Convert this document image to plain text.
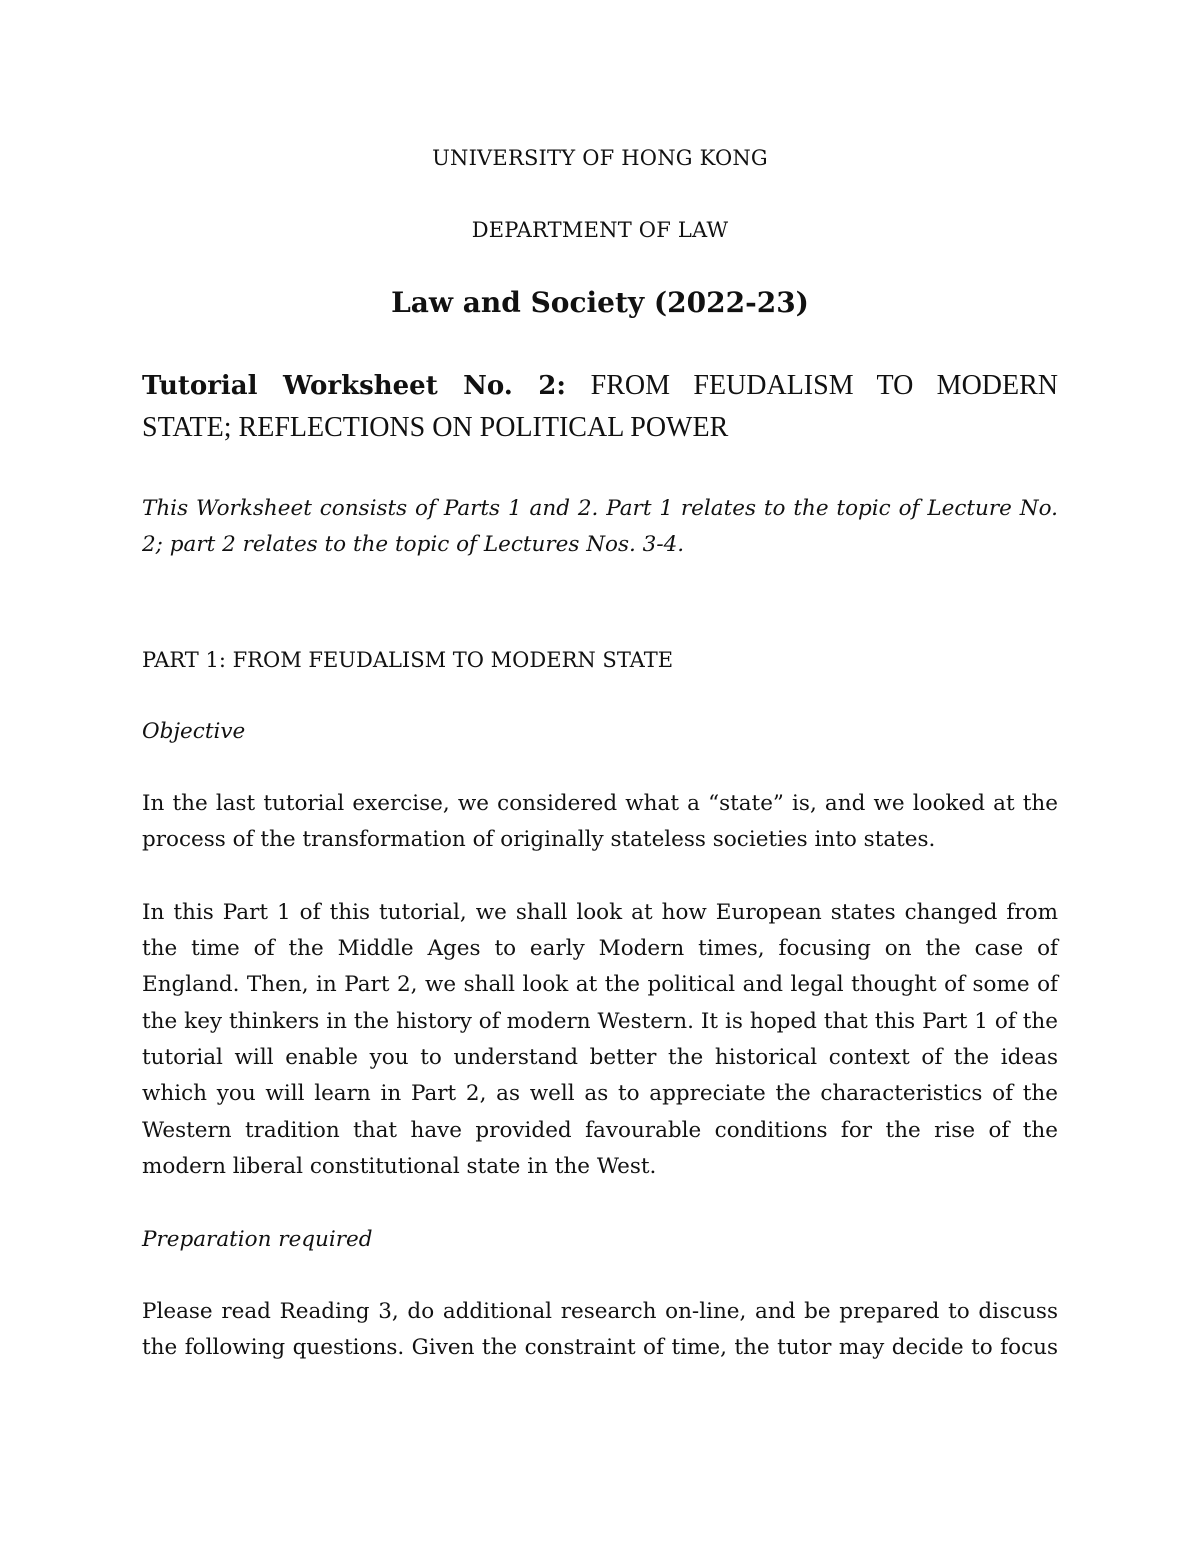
UNIVERSITY OF HONG KONG
DEPARTMENT OF LAW
Law and Society (2022-23)
Tutorial Worksheet No. 2: FROM FEUDALISM TO MODERN
STATE; REFLECTIONS ON POLITICAL POWER
This Worksheet consists of Parts 1 and 2. Part 1 relates to the topic of Lecture No.
2; part 2 relates to the topic of Lectures Nos. 3-4.
PART 1: FROM FEUDALISM TO MODERN STATE
Objective
In the last tutorial exercise, we considered what a “state” is, and we looked at the
process of the transformation of originally stateless societies into states.
In this Part 1 of this tutorial, we shall look at how European states changed from
the time of the Middle Ages to early Modern times, focusing on the case of
England. Then, in Part 2, we shall look at the political and legal thought of some of
the key thinkers in the history of modern Western. It is hoped that this Part 1 of the
tutorial will enable you to understand better the historical context of the ideas
which you will learn in Part 2, as well as to appreciate the characteristics of the
Western tradition that have provided favourable conditions for the rise of the
modern liberal constitutional state in the West.
Preparation required
Please read Reading 3, do additional research on-line, and be prepared to discuss
the following questions. Given the constraint of time, the tutor may decide to focus
